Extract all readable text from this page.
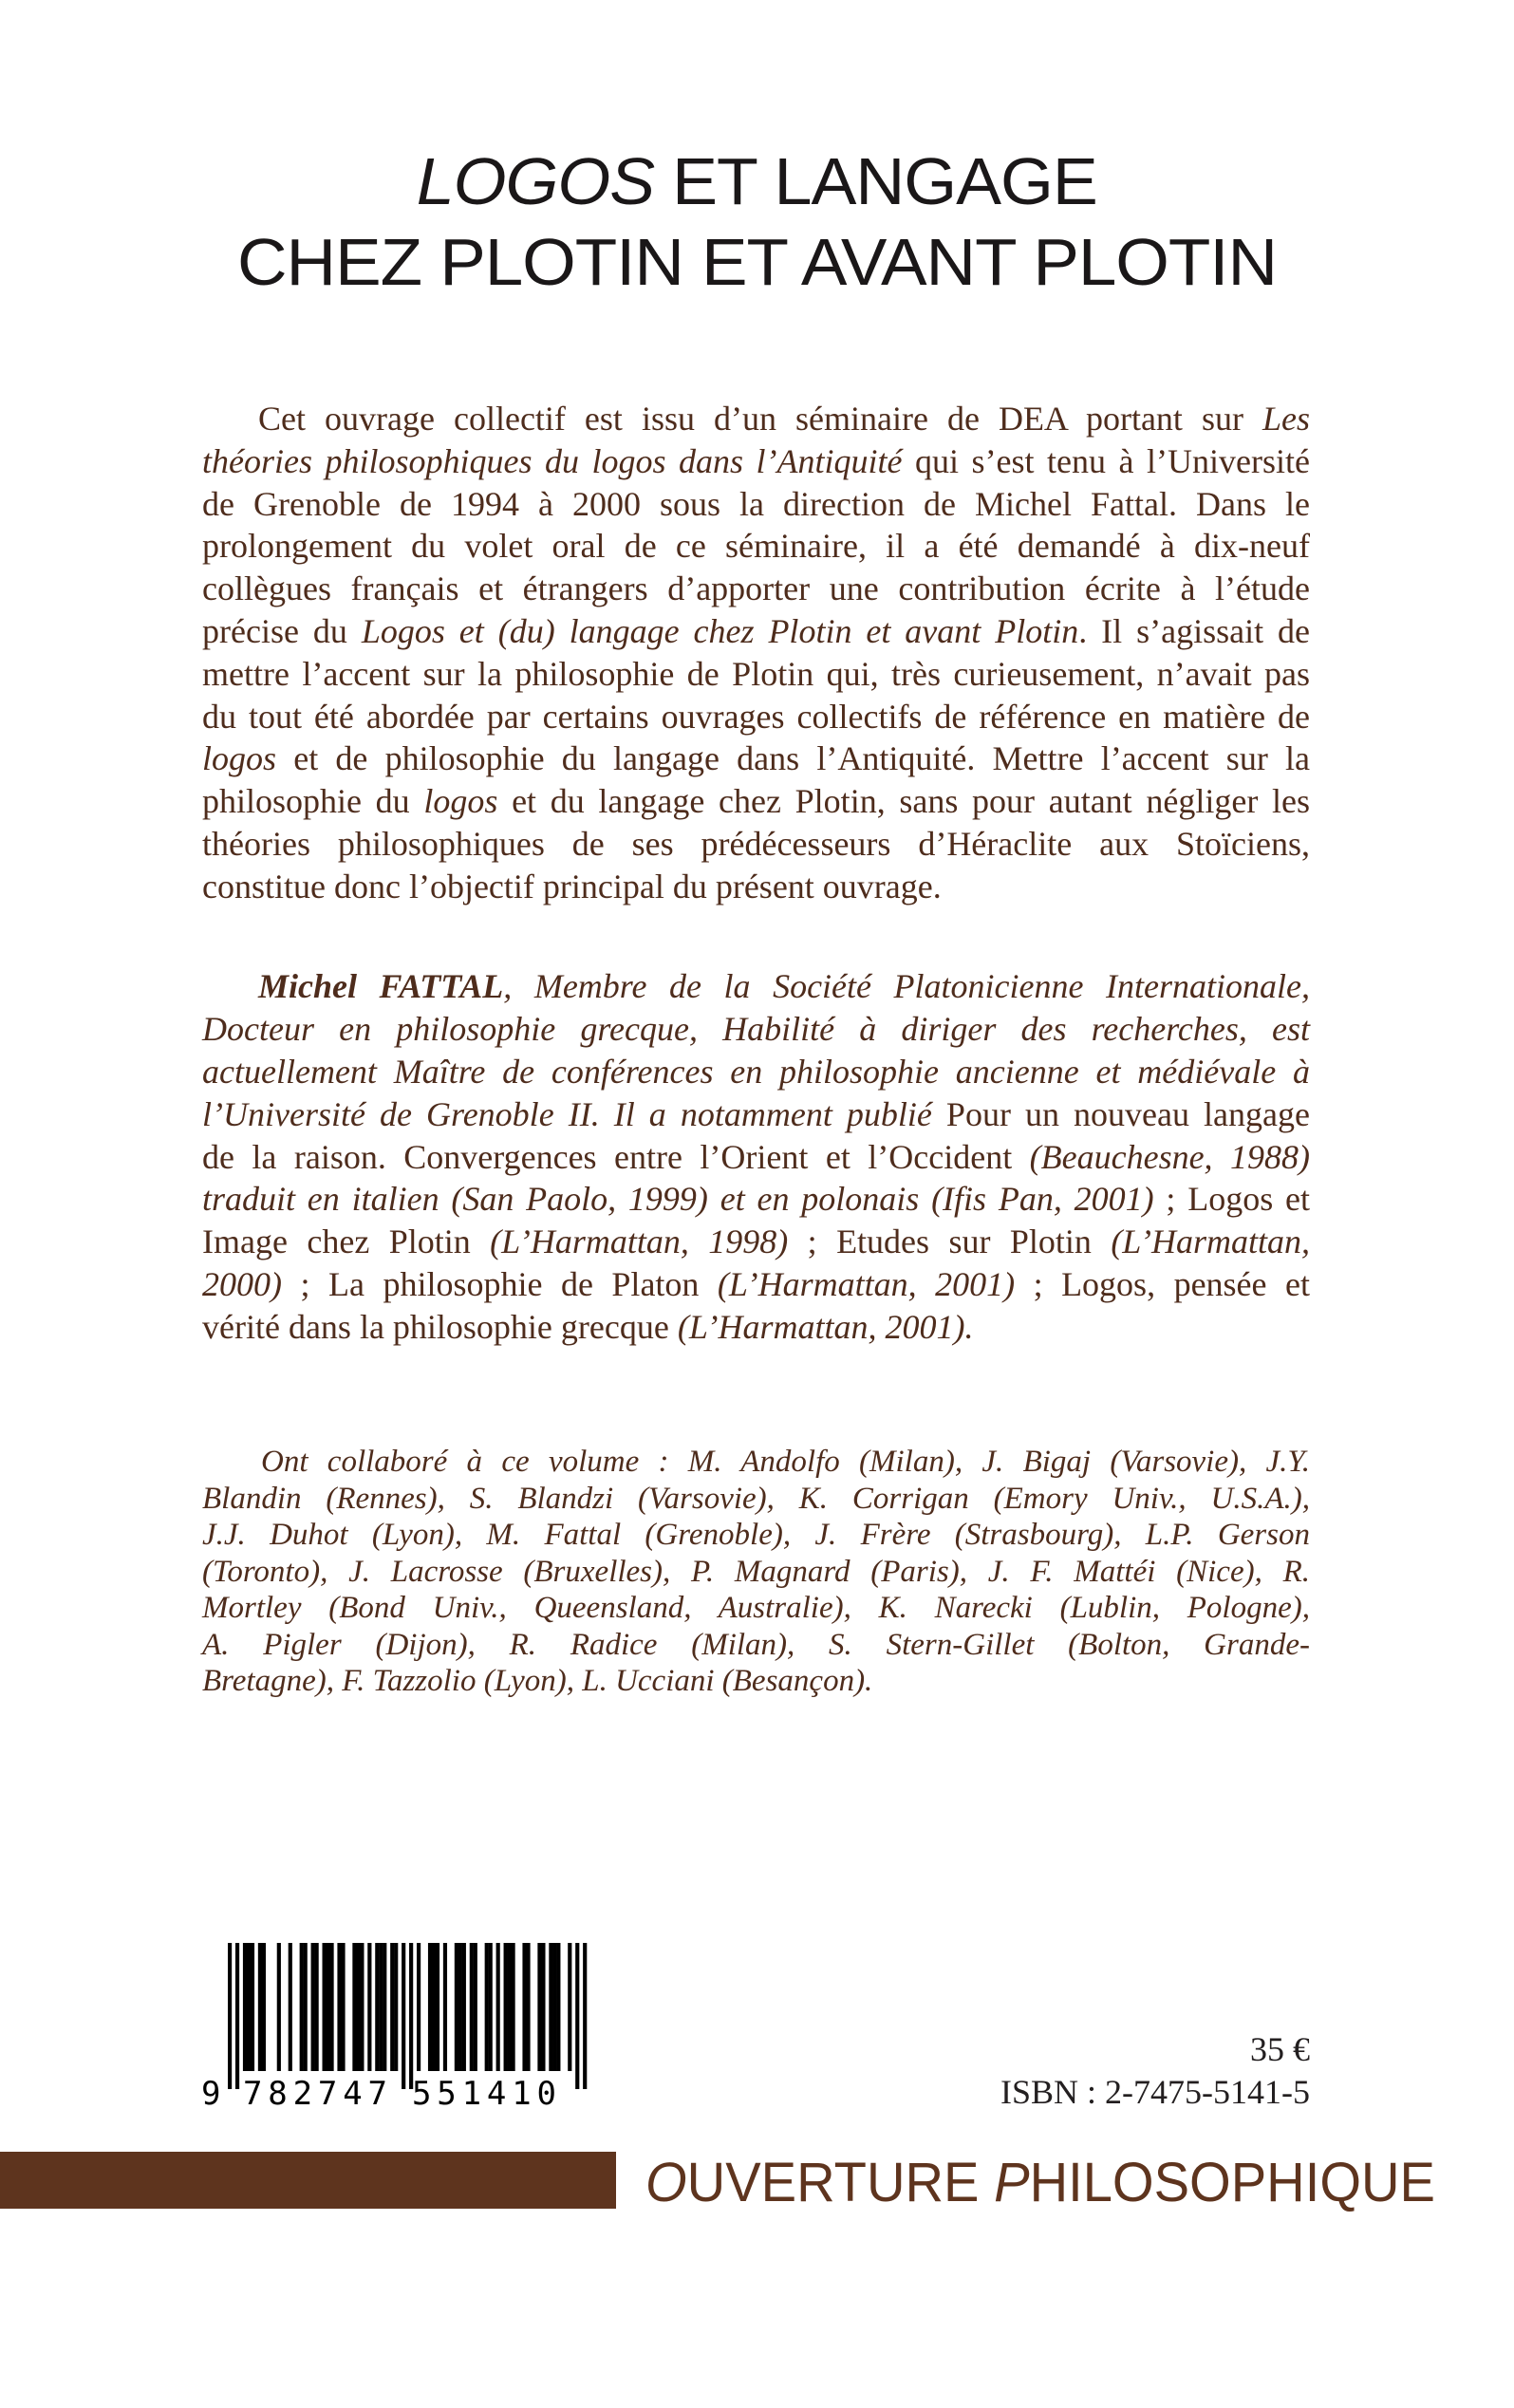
LOGOS ET LANGAGE
CHEZ PLOTIN ET AVANT PLOTIN
Cet ouvrage collectif est issu d’un séminaire de DEA portant sur Les
théories philosophiques du logos dans l’Antiquité qui s’est tenu à l’Université
de Grenoble de 1994 à 2000 sous la direction de Michel Fattal. Dans le
prolongement du volet oral de ce séminaire, il a été demandé à dix-neuf
collègues français et étrangers d’apporter une contribution écrite à l’étude
précise du Logos et (du) langage chez Plotin et avant Plotin. Il s’agissait de
mettre l’accent sur la philosophie de Plotin qui, très curieusement, n’avait pas
du tout été abordée par certains ouvrages collectifs de référence en matière de
logos et de philosophie du langage dans l’Antiquité. Mettre l’accent sur la
philosophie du logos et du langage chez Plotin, sans pour autant négliger les
théories philosophiques de ses prédécesseurs d’Héraclite aux Stoïciens,
constitue donc l’objectif principal du présent ouvrage.
Michel FATTAL, Membre de la Société Platonicienne Internationale,
Docteur en philosophie grecque, Habilité à diriger des recherches, est
actuellement Maître de conférences en philosophie ancienne et médiévale à
l’Université de Grenoble II. Il a notamment publié Pour un nouveau langage
de la raison. Convergences entre l’Orient et l’Occident (Beauchesne, 1988)
traduit en italien (San Paolo, 1999) et en polonais (Ifis Pan, 2001) ; Logos et
Image chez Plotin (L’Harmattan, 1998) ; Etudes sur Plotin (L’Harmattan,
2000) ; La philosophie de Platon (L’Harmattan, 2001) ; Logos, pensée et
vérité dans la philosophie grecque (L’Harmattan, 2001).
Ont collaboré à ce volume : M. Andolfo (Milan), J. Bigaj (Varsovie), J.Y.
Blandin (Rennes), S. Blandzi (Varsovie), K. Corrigan (Emory Univ., U.S.A.),
J.J. Duhot (Lyon), M. Fattal (Grenoble), J. Frère (Strasbourg), L.P. Gerson
(Toronto), J. Lacrosse (Bruxelles), P. Magnard (Paris), J. F. Mattéi (Nice), R.
Mortley (Bond Univ., Queensland, Australie), K. Narecki (Lublin, Pologne),
A. Pigler (Dijon), R. Radice (Milan), S. Stern-Gillet (Bolton, Grande-
Bretagne), F. Tazzolio (Lyon), L. Ucciani (Besançon).
9 782747 551410
35 €
ISBN : 2-7475-5141-5
OUVERTURE PHILOSOPHIQUE
